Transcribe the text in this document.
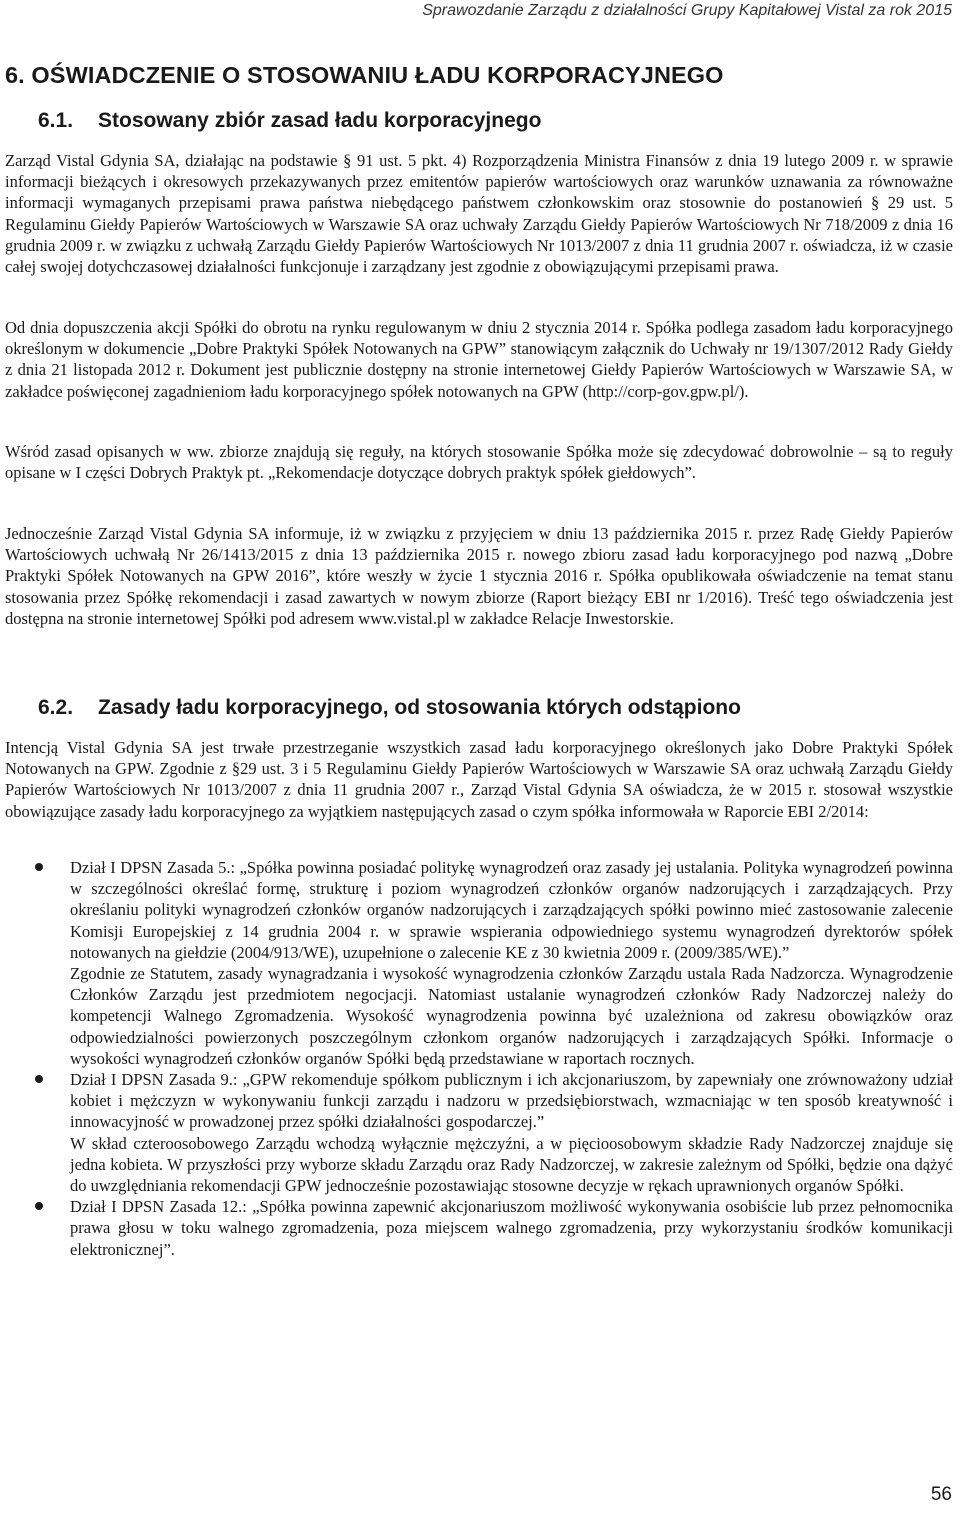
Sprawozdanie Zarządu z działalności Grupy Kapitałowej Vistal za rok 2015
6. OŚWIADCZENIE O STOSOWANIU ŁADU KORPORACYJNEGO
6.1. Stosowany zbiór zasad ładu korporacyjnego

Zarząd Vistal Gdynia SA, działając na podstawie § 91 ust. 5 pkt. 4) Rozporządzenia Ministra Finansów z dnia 19 lutego 2009 r. w sprawie informacji bieżących i okresowych przekazywanych przez emitentów papierów wartościowych oraz warunków uznawania za równoważne informacji wymaganych przepisami prawa państwa niebędącego państwem członkowskim oraz stosownie do postanowień § 29 ust. 5 Regulaminu Giełdy Papierów Wartościowych w Warszawie SA oraz uchwały Zarządu Giełdy Papierów Wartościowych Nr 718/2009 z dnia 16 grudnia 2009 r. w związku z uchwałą Zarządu Giełdy Papierów Wartościowych Nr 1013/2007 z dnia 11 grudnia 2007 r. oświadcza, iż w czasie całej swojej dotychczasowej działalności funkcjonuje i zarządzany jest zgodnie z obowiązującymi przepisami prawa.

Od dnia dopuszczenia akcji Spółki do obrotu na rynku regulowanym w dniu 2 stycznia 2014 r. Spółka podlega zasadom ładu korporacyjnego określonym w dokumencie „Dobre Praktyki Spółek Notowanych na GPW” stanowiącym załącznik do Uchwały nr 19/1307/2012 Rady Giełdy z dnia 21 listopada 2012 r. Dokument jest publicznie dostępny na stronie internetowej Giełdy Papierów Wartościowych w Warszawie SA, w zakładce poświęconej zagadnieniom ładu korporacyjnego spółek notowanych na GPW (http://corp-gov.gpw.pl/).

Wśród zasad opisanych w ww. zbiorze znajdują się reguły, na których stosowanie Spółka może się zdecydować dobrowolnie – są to reguły opisane w I części Dobrych Praktyk pt. „Rekomendacje dotyczące dobrych praktyk spółek giełdowych”.

Jednocześnie Zarząd Vistal Gdynia SA informuje, iż w związku z przyjęciem w dniu 13 października 2015 r. przez Radę Giełdy Papierów Wartościowych uchwałą Nr 26/1413/2015 z dnia 13 października 2015 r. nowego zbioru zasad ładu korporacyjnego pod nazwą „Dobre Praktyki Spółek Notowanych na GPW 2016”, które weszły w życie 1 stycznia 2016 r. Spółka opublikowała oświadczenie na temat stanu stosowania przez Spółkę rekomendacji i zasad zawartych w nowym zbiorze (Raport bieżący EBI nr 1/2016). Treść tego oświadczenia jest dostępna na stronie internetowej Spółki pod adresem www.vistal.pl w zakładce Relacje Inwestorskie.

6.2. Zasady ładu korporacyjnego, od stosowania których odstąpiono

Intencją Vistal Gdynia SA jest trwałe przestrzeganie wszystkich zasad ładu korporacyjnego określonych jako Dobre Praktyki Spółek Notowanych na GPW. Zgodnie z §29 ust. 3 i 5 Regulaminu Giełdy Papierów Wartościowych w Warszawie SA oraz uchwałą Zarządu Giełdy Papierów Wartościowych Nr 1013/2007 z dnia 11 grudnia 2007 r., Zarząd Vistal Gdynia SA oświadcza, że w 2015 r. stosował wszystkie obowiązujące zasady ładu korporacyjnego za wyjątkiem następujących zasad o czym spółka informowała w Raporcie EBI 2/2014:

Dział I DPSN Zasada 5.: „Spółka powinna posiadać politykę wynagrodzeń oraz zasady jej ustalania. Polityka wynagrodzeń powinna w szczególności określać formę, strukturę i poziom wynagrodzeń członków organów nadzorujących i zarządzających. Przy określaniu polityki wynagrodzeń członków organów nadzorujących i zarządzających spółki powinno mieć zastosowanie zalecenie Komisji Europejskiej z 14 grudnia 2004 r. w sprawie wspierania odpowiedniego systemu wynagrodzeń dyrektorów spółek notowanych na giełdzie (2004/913/WE), uzupełnione o zalecenie KE z 30 kwietnia 2009 r. (2009/385/WE).”
Zgodnie ze Statutem, zasady wynagradzania i wysokość wynagrodzenia członków Zarządu ustala Rada Nadzorcza. Wynagrodzenie Członków Zarządu jest przedmiotem negocjacji. Natomiast ustalanie wynagrodzeń członków Rady Nadzorczej należy do kompetencji Walnego Zgromadzenia. Wysokość wynagrodzenia powinna być uzależniona od zakresu obowiązków oraz odpowiedzialności powierzonych poszczególnym członkom organów nadzorujących i zarządzających Spółki. Informacje o wysokości wynagrodzeń członków organów Spółki będą przedstawiane w raportach rocznych.
Dział I DPSN Zasada 9.: „GPW rekomenduje spółkom publicznym i ich akcjonariuszom, by zapewniały one zrównoważony udział kobiet i mężczyzn w wykonywaniu funkcji zarządu i nadzoru w przedsiębiorstwach, wzmacniając w ten sposób kreatywność i innowacyjność w prowadzonej przez spółki działalności gospodarczej.”
W skład czteroosobowego Zarządu wchodzą wyłącznie mężczyźni, a w pięcioosobowym składzie Rady Nadzorczej znajduje się jedna kobieta. W przyszłości przy wyborze składu Zarządu oraz Rady Nadzorczej, w zakresie zależnym od Spółki, będzie ona dążyć do uwzględniania rekomendacji GPW jednocześnie pozostawiając stosowne decyzje w rękach uprawnionych organów Spółki.
Dział I DPSN Zasada 12.: „Spółka powinna zapewnić akcjonariuszom możliwość wykonywania osobiście lub przez pełnomocnika prawa głosu w toku walnego zgromadzenia, poza miejscem walnego zgromadzenia, przy wykorzystaniu środków komunikacji elektronicznej”.
56
